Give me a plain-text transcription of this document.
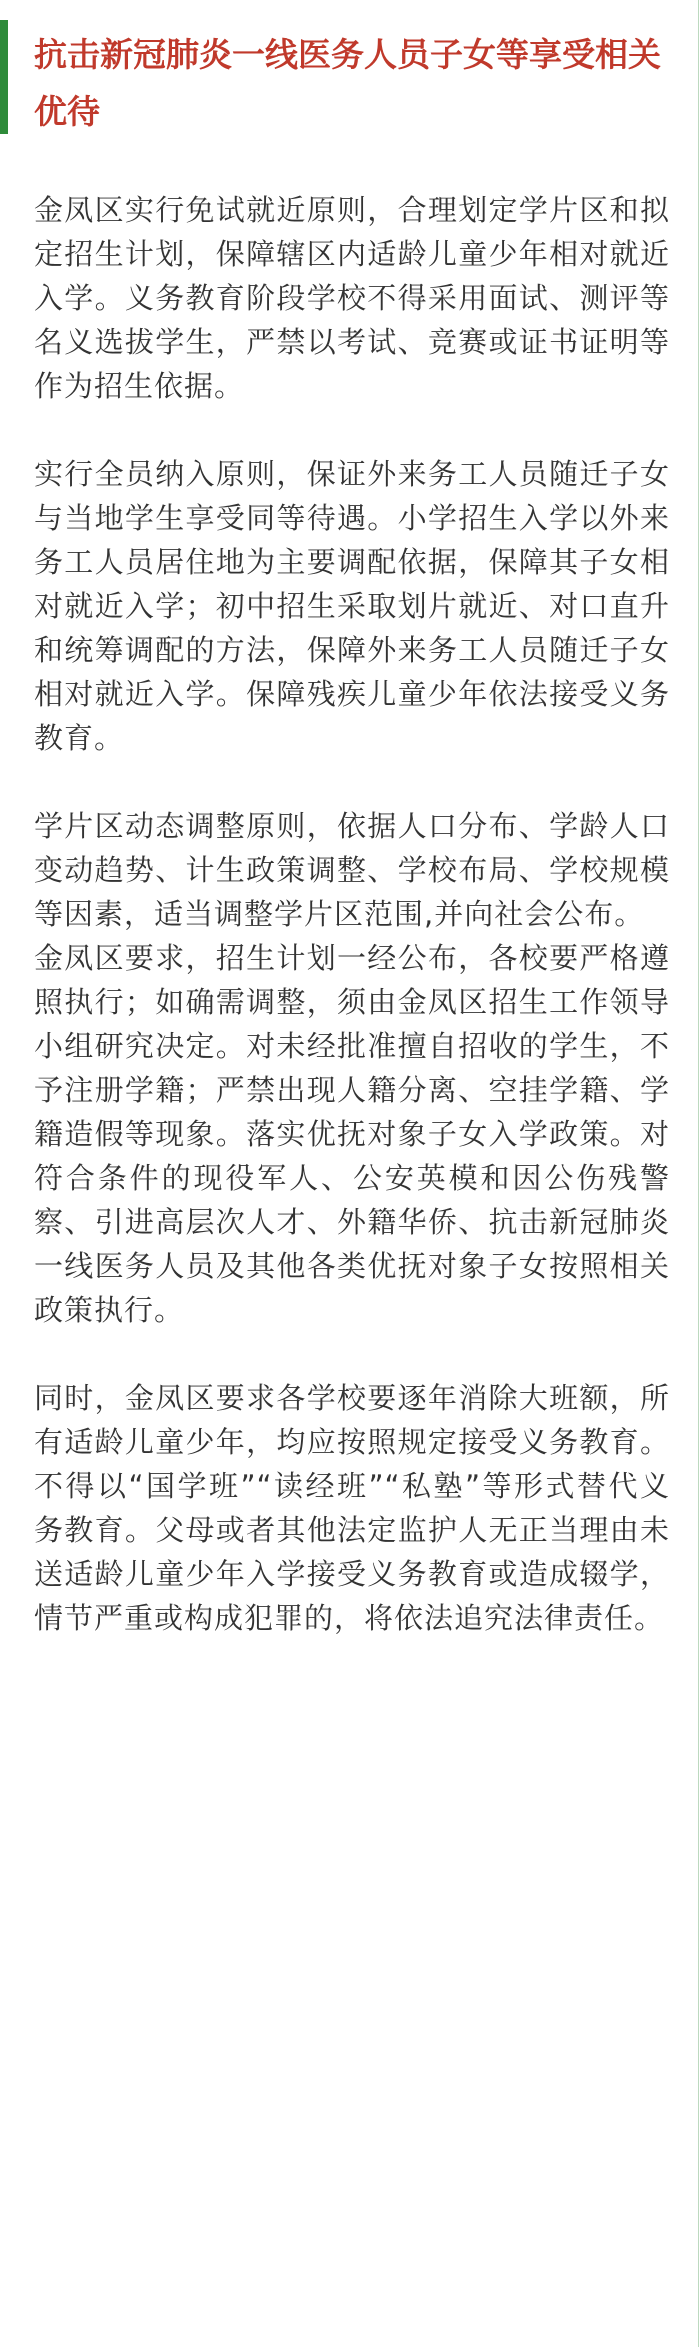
抗击新冠肺炎一线医务人员子女等享受相关优待

金凤区实行免试就近原则，合理划定学片区和拟定招生计划，保障辖区内适龄儿童少年相对就近入学。义务教育阶段学校不得采用面试、测评等名义选拔学生，严禁以考试、竞赛或证书证明等作为招生依据。

实行全员纳入原则，保证外来务工人员随迁子女与当地学生享受同等待遇。小学招生入学以外来务工人员居住地为主要调配依据，保障其子女相对就近入学；初中招生采取划片就近、对口直升和统筹调配的方法，保障外来务工人员随迁子女相对就近入学。保障残疾儿童少年依法接受义务教育。

学片区动态调整原则，依据人口分布、学龄人口变动趋势、计生政策调整、学校布局、学校规模等因素，适当调整学片区范围,并向社会公布。

金凤区要求，招生计划一经公布，各校要严格遵照执行；如确需调整，须由金凤区招生工作领导小组研究决定。对未经批准擅自招收的学生，不予注册学籍；严禁出现人籍分离、空挂学籍、学籍造假等现象。落实优抚对象子女入学政策。对符合条件的现役军人、公安英模和因公伤残警察、引进高层次人才、外籍华侨、抗击新冠肺炎一线医务人员及其他各类优抚对象子女按照相关政策执行。

同时，金凤区要求各学校要逐年消除大班额，所有适龄儿童少年，均应按照规定接受义务教育。不得以“国学班”“读经班”“私塾”等形式替代义务教育。父母或者其他法定监护人无正当理由未送适龄儿童少年入学接受义务教育或造成辍学，情节严重或构成犯罪的，将依法追究法律责任。
